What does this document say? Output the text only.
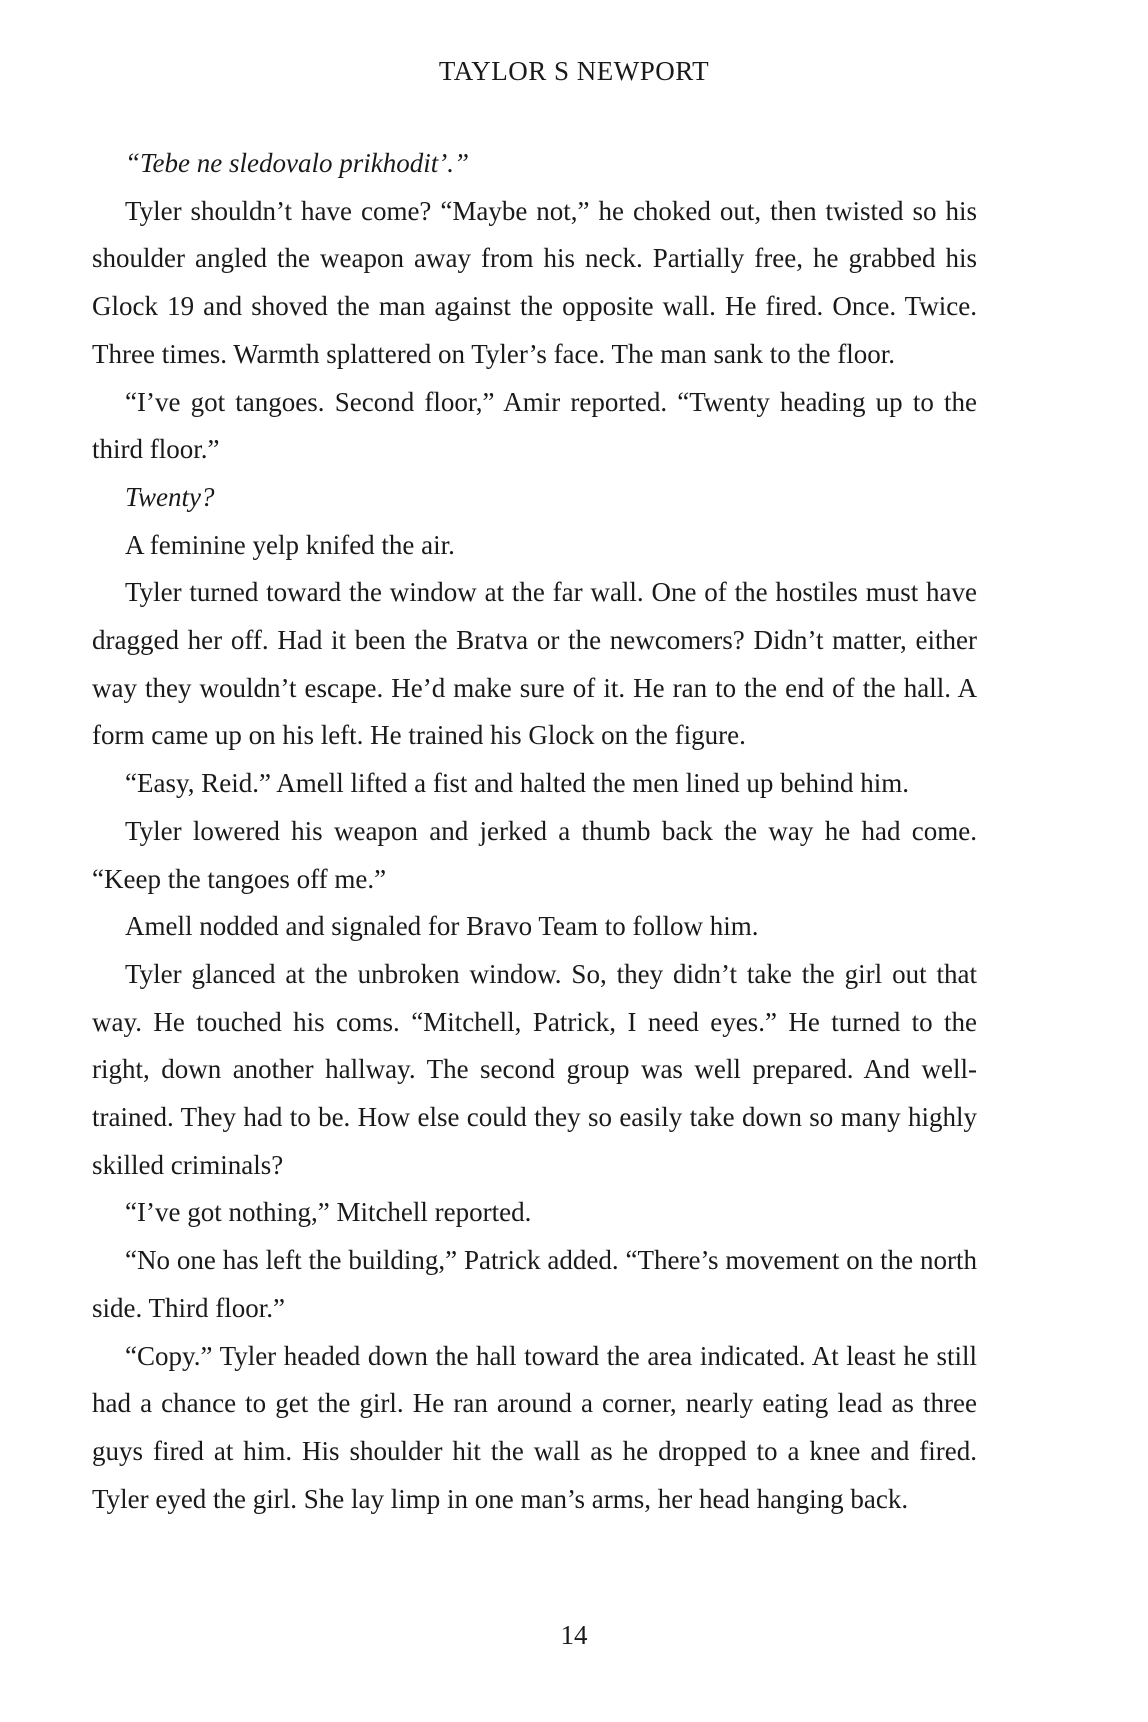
TAYLOR S NEWPORT

“Tebe ne sledovalo prikhodit’.”

Tyler shouldn’t have come? “Maybe not,” he choked out, then twisted so his shoulder angled the weapon away from his neck. Partially free, he grabbed his Glock 19 and shoved the man against the opposite wall. He fired. Once. Twice. Three times. Warmth splattered on Tyler’s face. The man sank to the floor.

“I’ve got tangoes. Second floor,” Amir reported. “Twenty heading up to the third floor.”

Twenty?

A feminine yelp knifed the air.

Tyler turned toward the window at the far wall. One of the hostiles must have dragged her off. Had it been the Bratva or the newcomers? Didn’t matter, either way they wouldn’t escape. He’d make sure of it. He ran to the end of the hall. A form came up on his left. He trained his Glock on the figure.

“Easy, Reid.” Amell lifted a fist and halted the men lined up behind him.

Tyler lowered his weapon and jerked a thumb back the way he had come. “Keep the tangoes off me.”

Amell nodded and signaled for Bravo Team to follow him.

Tyler glanced at the unbroken window. So, they didn’t take the girl out that way. He touched his coms. “Mitchell, Patrick, I need eyes.” He turned to the right, down another hallway. The second group was well prepared. And well-trained. They had to be. How else could they so easily take down so many highly skilled criminals?

“I’ve got nothing,” Mitchell reported.

“No one has left the building,” Patrick added. “There’s movement on the north side. Third floor.”

“Copy.” Tyler headed down the hall toward the area indicated. At least he still had a chance to get the girl. He ran around a corner, nearly eating lead as three guys fired at him. His shoulder hit the wall as he dropped to a knee and fired. Tyler eyed the girl. She lay limp in one man’s arms, her head hanging back.

14
